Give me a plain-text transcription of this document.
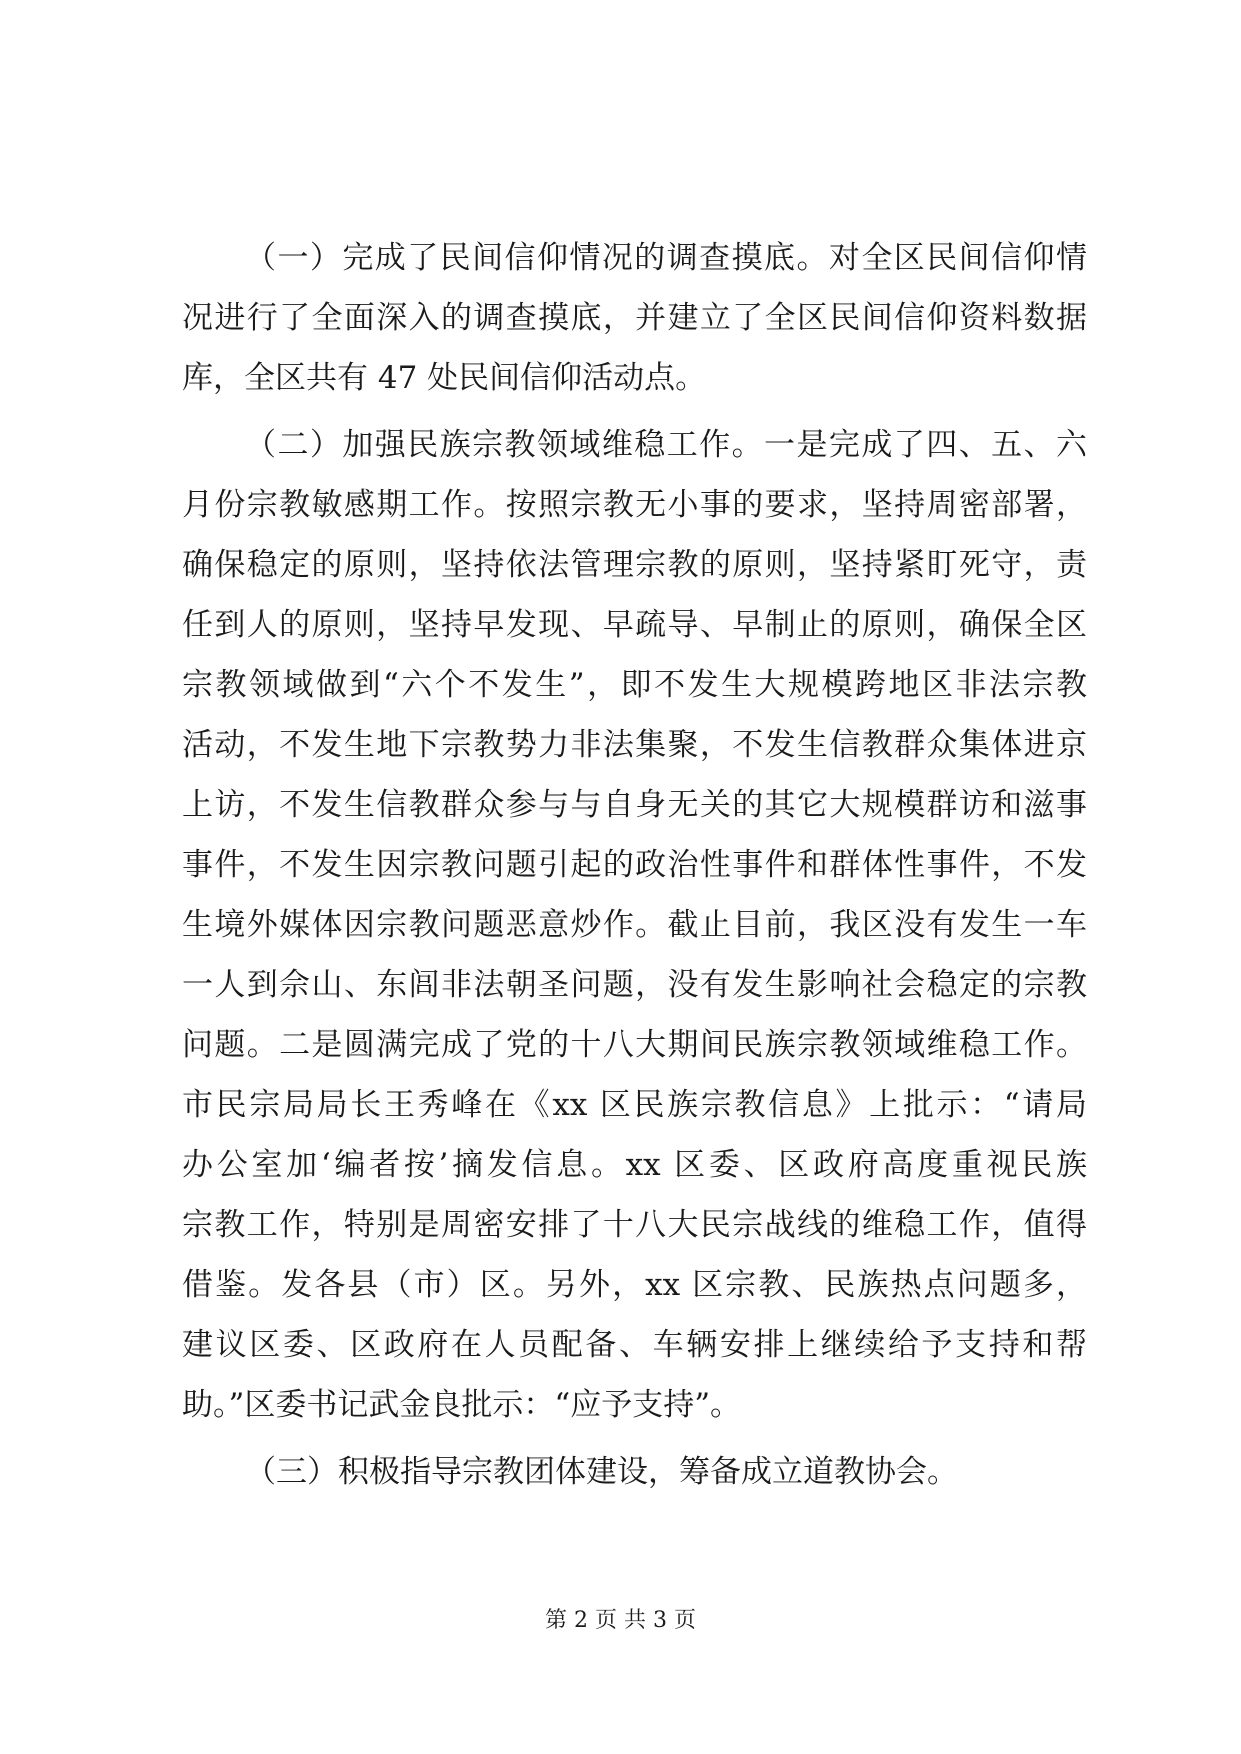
（一）完成了民间信仰情况的调查摸底。对全区民间信仰情
况进行了全面深入的调查摸底，并建立了全区民间信仰资料数据
库，全区共有 47 处民间信仰活动点。
（二）加强民族宗教领域维稳工作。一是完成了四、五、六
月份宗教敏感期工作。按照宗教无小事的要求，坚持周密部署，
确保稳定的原则，坚持依法管理宗教的原则，坚持紧盯死守，责
任到人的原则，坚持早发现、早疏导、早制止的原则，确保全区
宗教领域做到“六个不发生”，即不发生大规模跨地区非法宗教
活动，不发生地下宗教势力非法集聚，不发生信教群众集体进京
上访，不发生信教群众参与与自身无关的其它大规模群访和滋事
事件，不发生因宗教问题引起的政治性事件和群体性事件，不发
生境外媒体因宗教问题恶意炒作。截止目前，我区没有发生一车
一人到佘山、东闾非法朝圣问题，没有发生影响社会稳定的宗教
问题。二是圆满完成了党的十八大期间民族宗教领域维稳工作。
市民宗局局长王秀峰在《xx 区民族宗教信息》上批示：“请局
办公室加‘编者按’摘发信息。xx 区委、区政府高度重视民族
宗教工作，特别是周密安排了十八大民宗战线的维稳工作，值得
借鉴。发各县（市）区。另外，xx 区宗教、民族热点问题多，
建议区委、区政府在人员配备、车辆安排上继续给予支持和帮
助。”区委书记武金良批示：“应予支持”。
（三）积极指导宗教团体建设，筹备成立道教协会。
第 2 页 共 3 页
